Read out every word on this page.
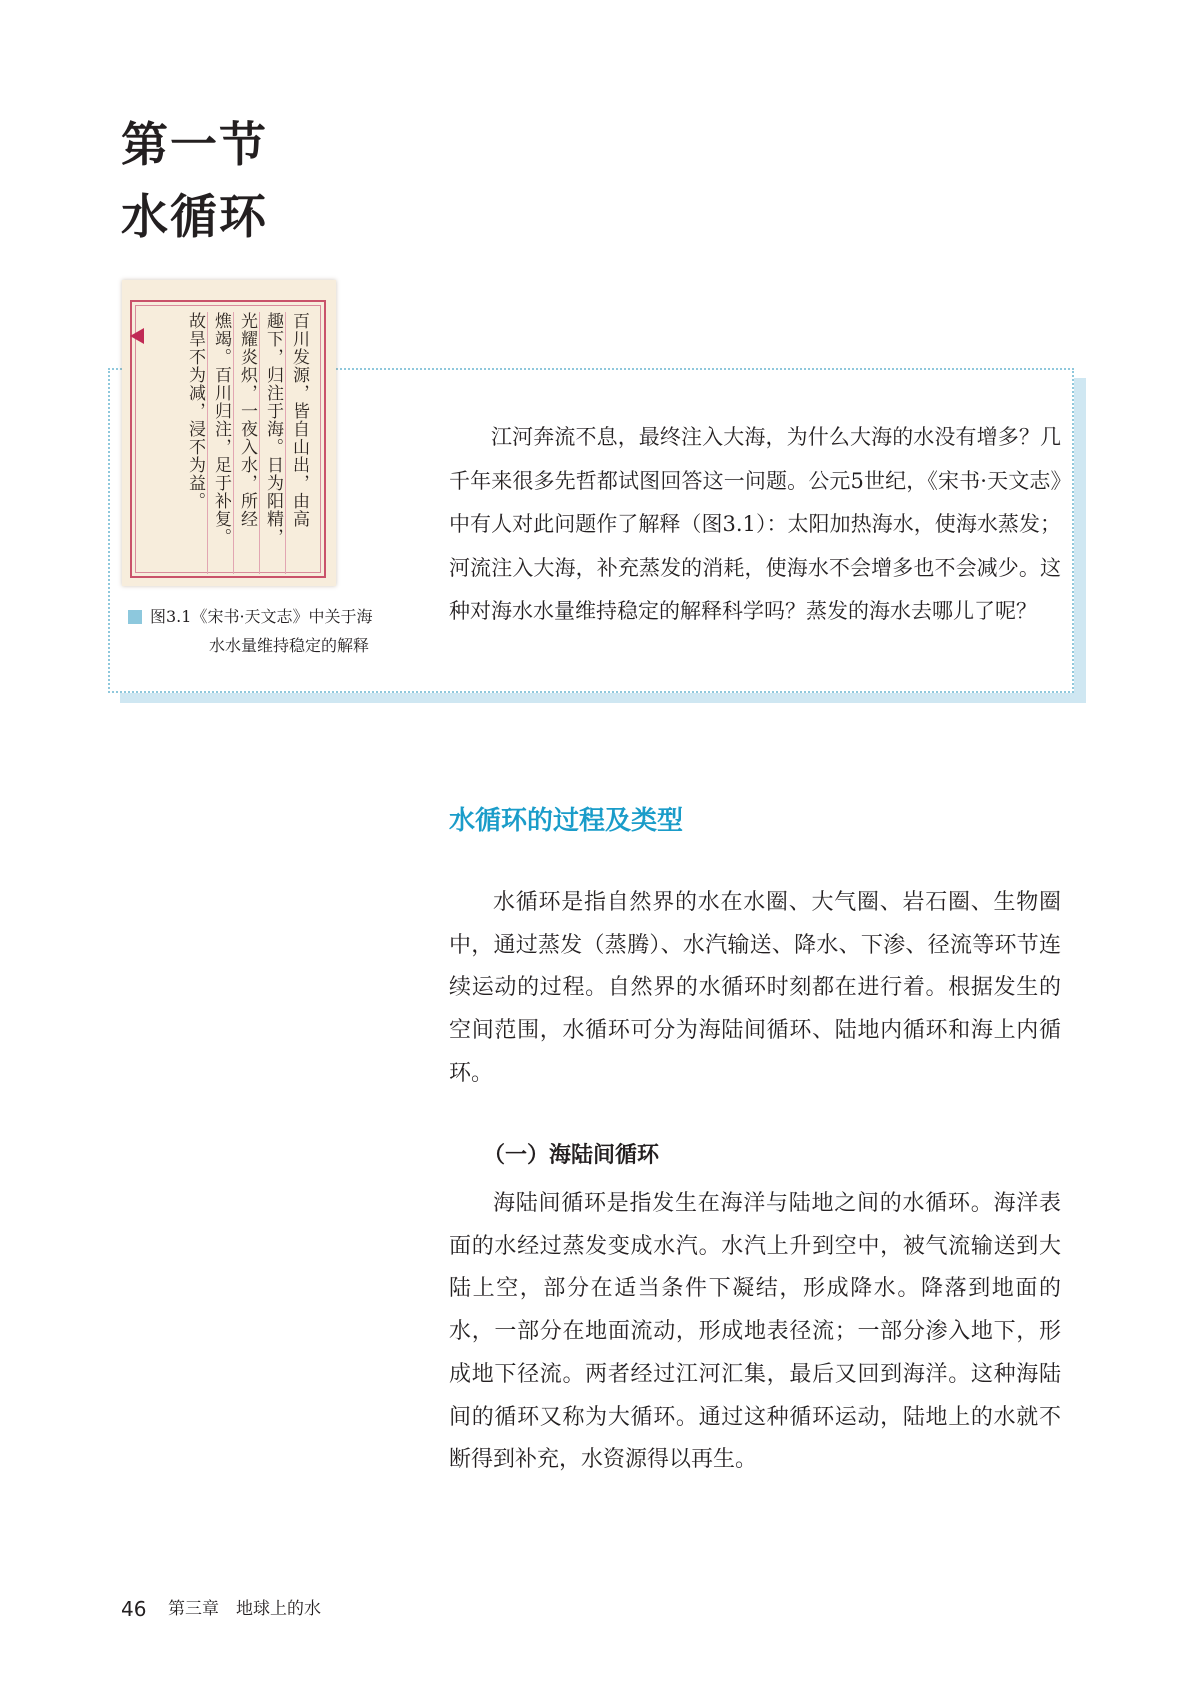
第一节
水循环
百川发源，皆自山出，由高
趣下，归注于海。日为阳精，
光耀炎炽，一夜入水，所经
燋竭。百川归注，足于补复。
故旱不为减，浸不为益。

图3.1《宋书·天文志》中关于海

水水量维持稳定的解释

江河奔流不息，最终注入大海，为什么大海的水没有增多？几千年来很多先哲都试图回答这一问题。公元5世纪，《宋书·天文志》中有人对此问题作了解释（图3.1）：太阳加热海水，使海水蒸发；河流注入大海，补充蒸发的消耗，使海水不会增多也不会减少。这种对海水水量维持稳定的解释科学吗？蒸发的海水去哪儿了呢？

水循环的过程及类型

水循环是指自然界的水在水圈、大气圈、岩石圈、生物圈中，通过蒸发（蒸腾）、水汽输送、降水、下渗、径流等环节连续运动的过程。自然界的水循环时刻都在进行着。根据发生的空间范围，水循环可分为海陆间循环、陆地内循环和海上内循环。

（一）海陆间循环

海陆间循环是指发生在海洋与陆地之间的水循环。海洋表面的水经过蒸发变成水汽。水汽上升到空中，被气流输送到大陆上空，部分在适当条件下凝结，形成降水。降落到地面的水，一部分在地面流动，形成地表径流；一部分渗入地下，形成地下径流。两者经过江河汇集，最后又回到海洋。这种海陆间的循环又称为大循环。通过这种循环运动，陆地上的水就不断得到补充，水资源得以再生。

46 第三章　地球上的水
